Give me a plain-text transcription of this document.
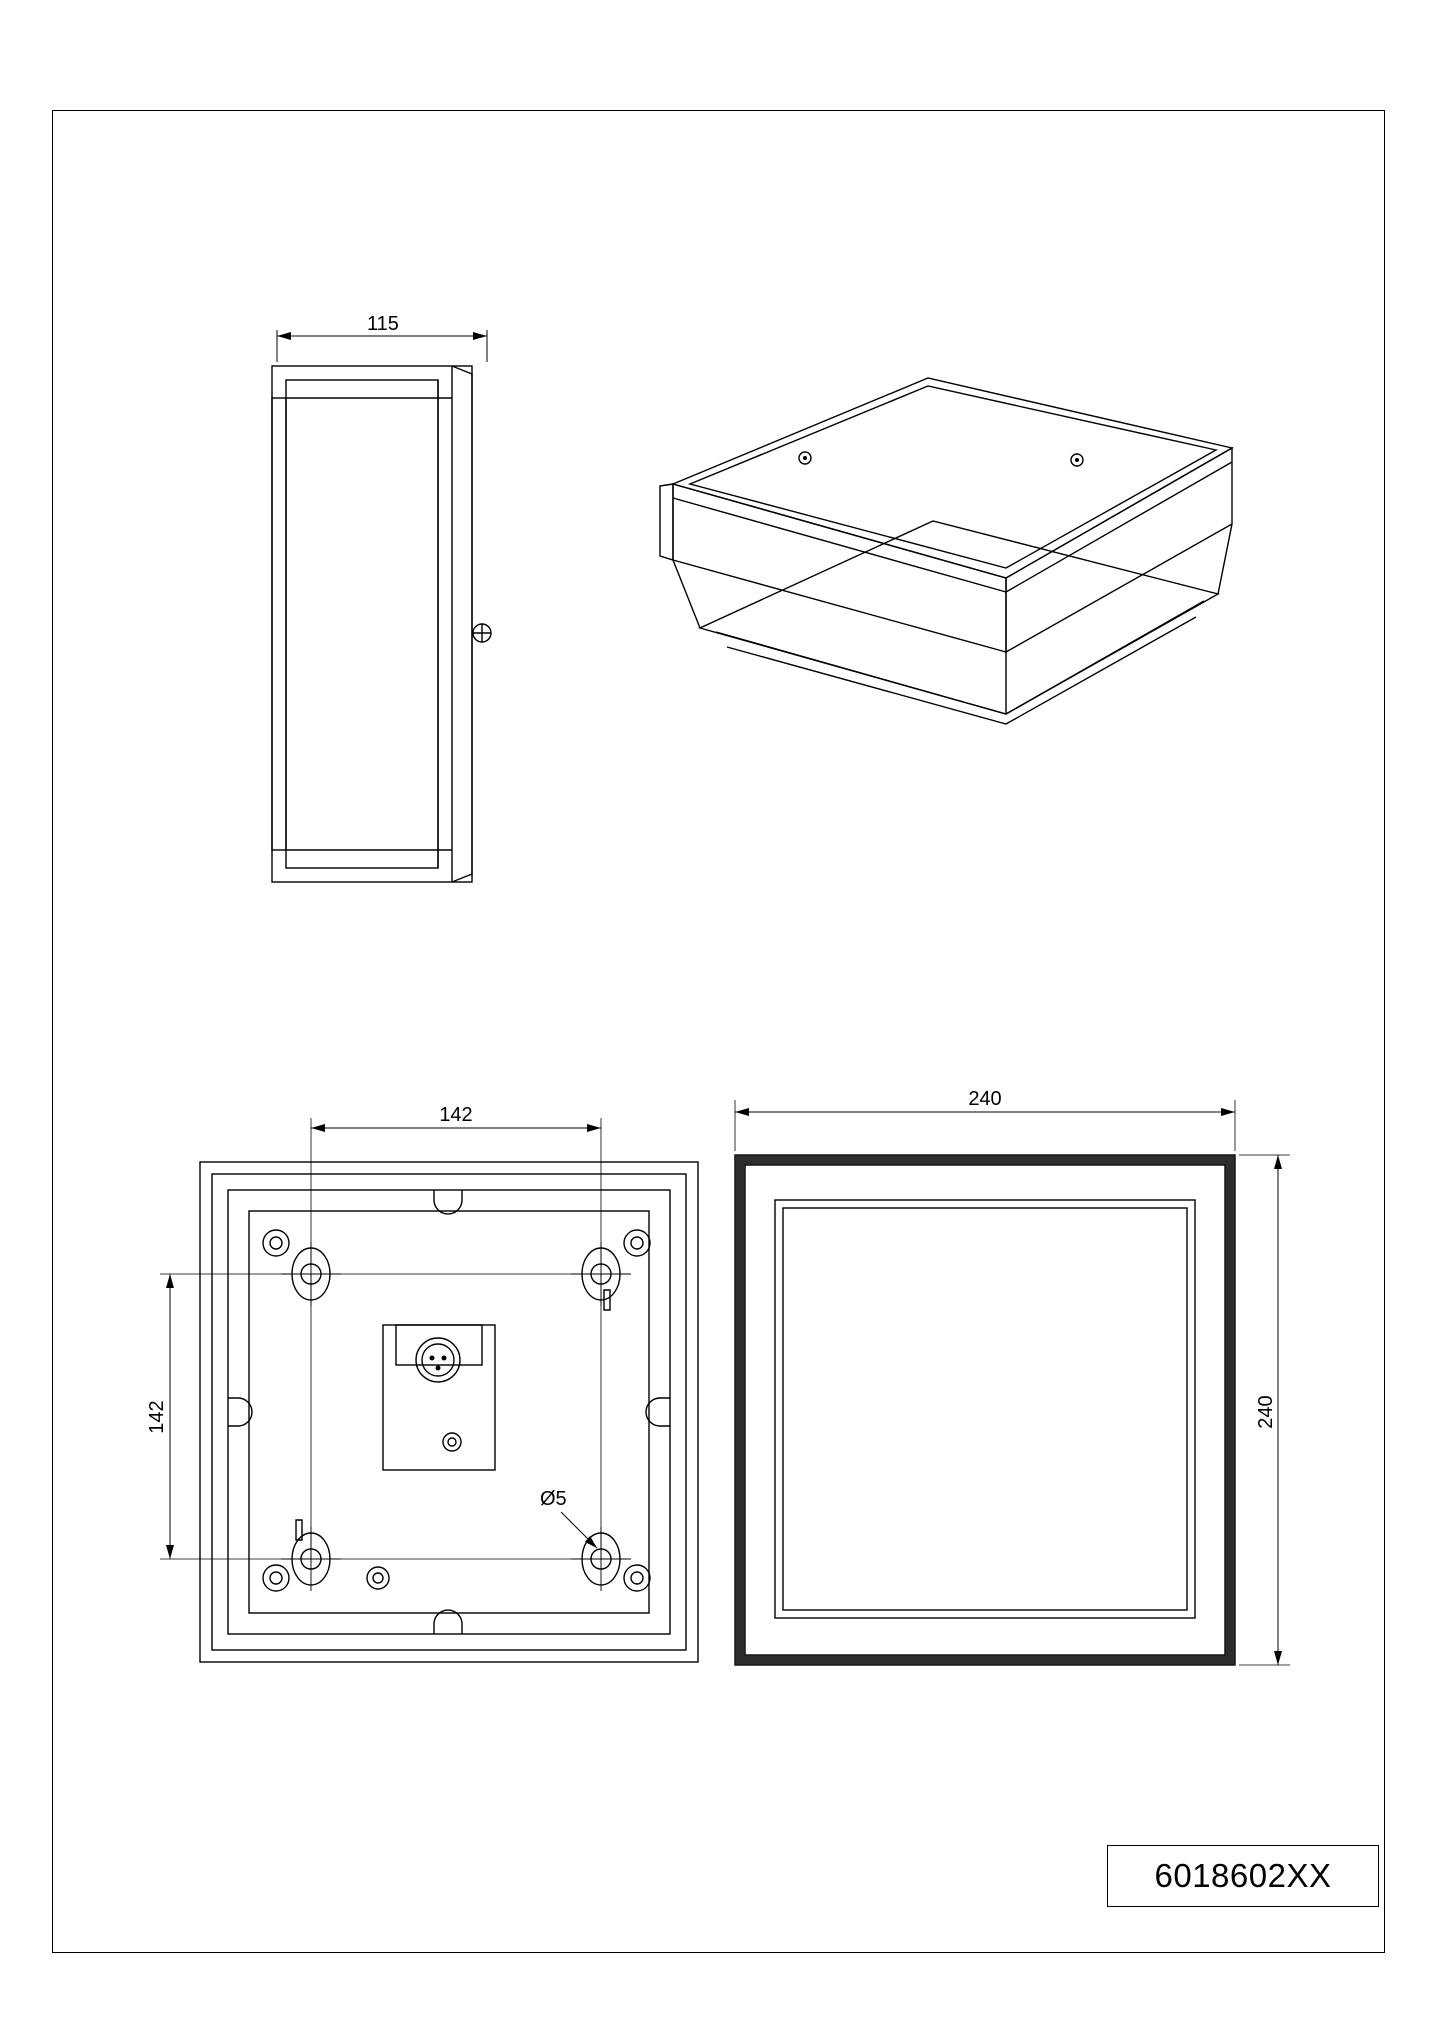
115
142
142
Ø5
240
240
6018602XX
